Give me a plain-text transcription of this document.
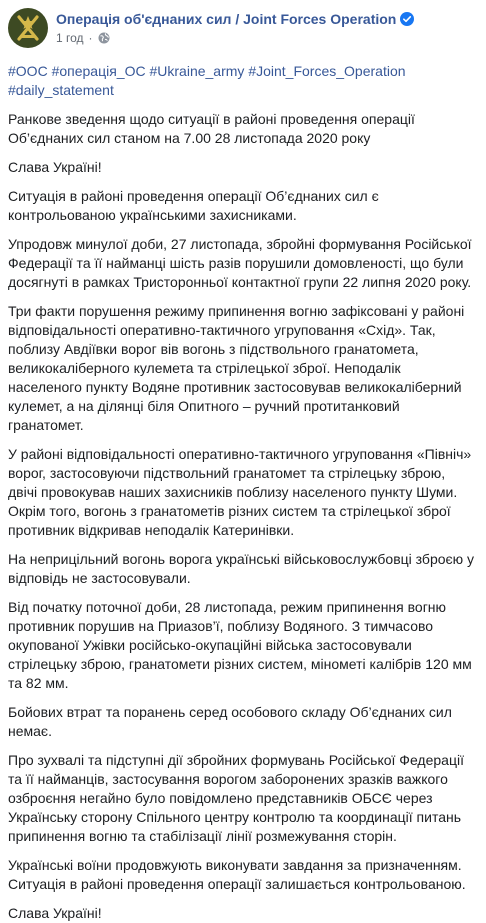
Операція об'єднаних сил / Joint Forces Operation
1 год ·
#ООС #операція_ОС #Ukraine_army #Joint_Forces_Operation #daily_statement

Ранкове зведення щодо ситуації в районі проведення операції Об’єднаних сил станом на 7.00 28 листопада 2020 року

Слава Україні!

Ситуація в районі проведення операції Об’єднаних сил є контрольованою українськими захисниками.

Упродовж минулої доби, 27 листопада, збройні формування Російської Федерації та її найманці шість разів порушили домовленості, що були досягнуті в рамках Тристоронньої контактної групи 22 липня 2020 року.

Три факти порушення режиму припинення вогню зафіксовані у районі відповідальності оперативно-тактичного угруповання «Схід». Так, поблизу Авдіївки ворог вів вогонь з підствольного гранатомета, великокаліберного кулемета та стрілецької зброї. Неподалік населеного пункту Водяне противник застосовував великокаліберний кулемет, а на ділянці біля Опитного – ручний протитанковий гранатомет.

У районі відповідальності оперативно-тактичного угруповання «Північ» ворог, застосовуючи підствольний гранатомет та стрілецьку зброю, двічі провокував наших захисників поблизу населеного пункту Шуми. Окрім того, вогонь з гранатометів різних систем та стрілецької зброї противник відкривав неподалік Катеринівки.

На неприцільний вогонь ворога українські військовослужбовці зброєю у відповідь не застосовували.

Від початку поточної доби, 28 листопада, режим припинення вогню противник порушив на Приазов’ї, поблизу Водяного. З тимчасово окупованої Ужівки російсько-окупаційні війська застосовували стрілецьку зброю, гранатомети різних систем, мінометі калібрів 120 мм та 82 мм.

Бойових втрат та поранень серед особового складу Об’єднаних сил немає.

Про зухвалі та підступні дії збройних формувань Російської Федерації та її найманців, застосування ворогом заборонених зразків важкого озброєння негайно було повідомлено представників ОБСЄ через Українську сторону Спільного центру контролю та координації питань припинення вогню та стабілізації лінії розмежування сторін.

Українські воїни продовжують виконувати завдання за призначенням. Ситуація в районі проведення операції залишається контрольованою.

Слава Україні!
